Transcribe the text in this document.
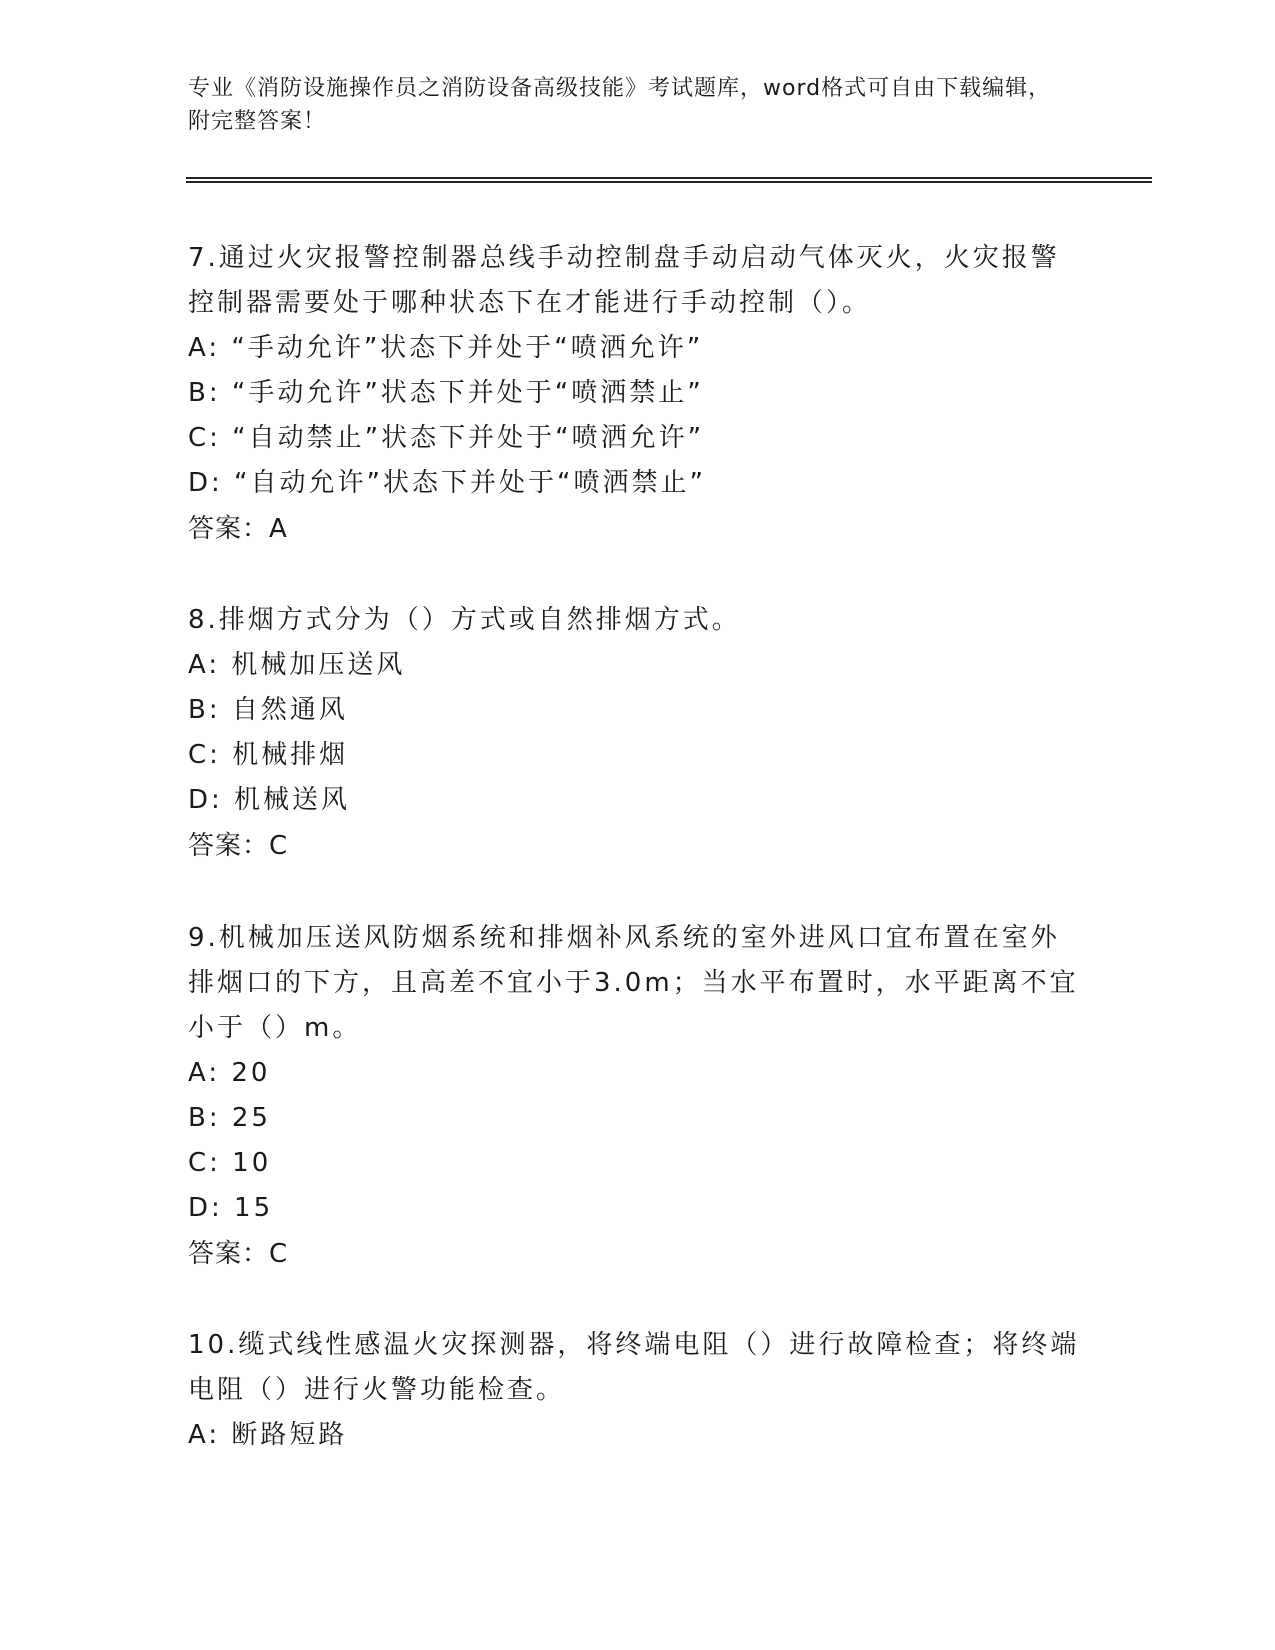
专业《消防设施操作员之消防设备高级技能》考试题库，word格式可自由下载编辑，附完整答案！

7.通过火灾报警控制器总线手动控制盘手动启动气体灭火，火灾报警控制器需要处于哪种状态下在才能进行手动控制（）。

A: “手动允许”状态下并处于“喷洒允许”

B: “手动允许”状态下并处于“喷洒禁止”

C: “自动禁止”状态下并处于“喷洒允许”

D: “自动允许”状态下并处于“喷洒禁止”

答案：A

8.排烟方式分为（）方式或自然排烟方式。

A: 机械加压送风

B: 自然通风

C: 机械排烟

D: 机械送风

答案：C

9.机械加压送风防烟系统和排烟补风系统的室外进风口宜布置在室外排烟口的下方，且高差不宜小于3.0m；当水平布置时，水平距离不宜小于（）m。

A: 20

B: 25

C: 10

D: 15

答案：C

10.缆式线性感温火灾探测器，将终端电阻（）进行故障检查；将终端电阻（）进行火警功能检查。

A: 断路短路
